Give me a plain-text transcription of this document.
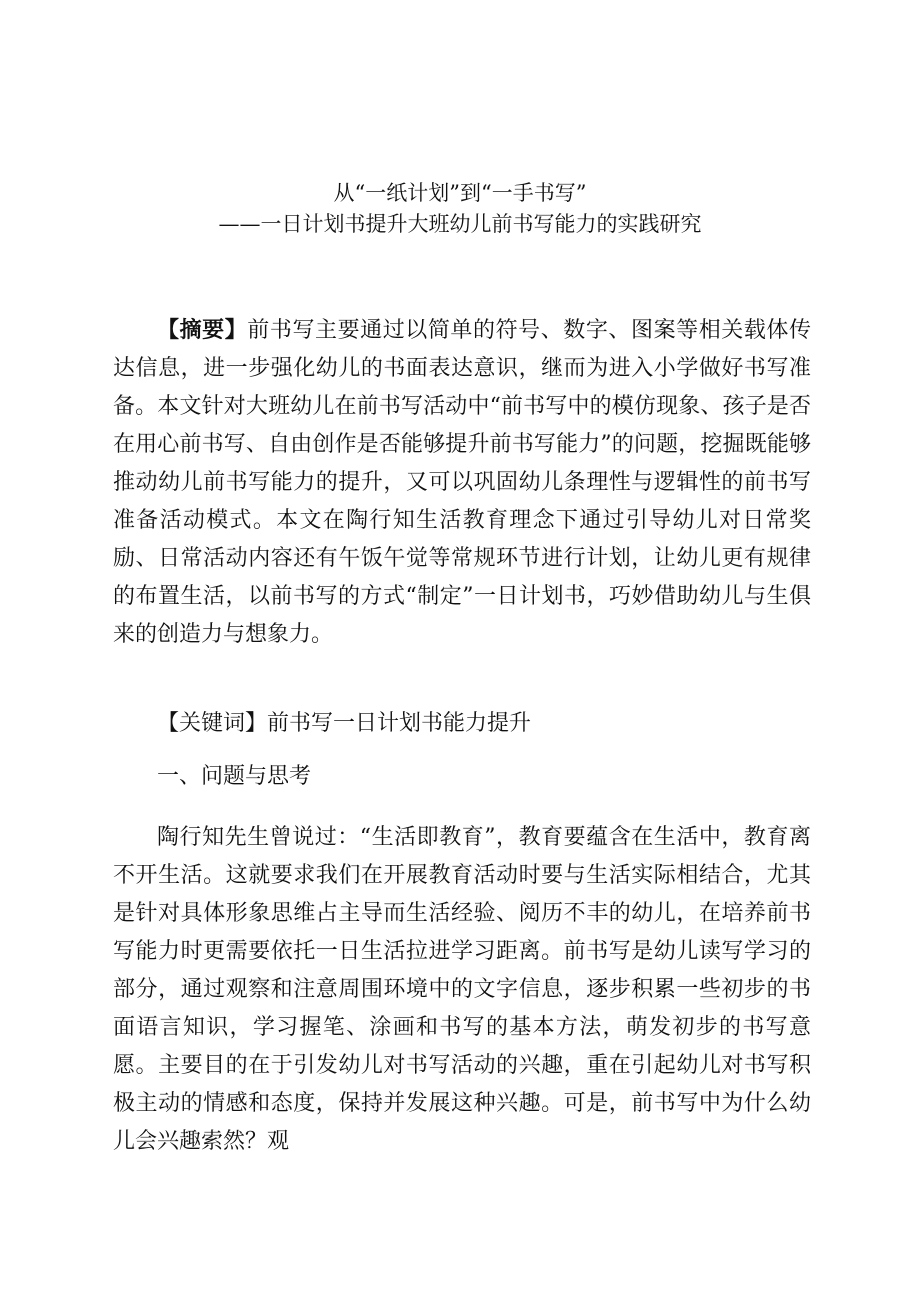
从“一纸计划”到“一手书写”
——一日计划书提升大班幼儿前书写能力的实践研究

【摘要】前书写主要通过以简单的符号、数字、图案等相关载体传达信息，进一步强化幼儿的书面表达意识，继而为进入小学做好书写准备。本文针对大班幼儿在前书写活动中“前书写中的模仿现象、孩子是否在用心前书写、自由创作是否能够提升前书写能力”的问题，挖掘既能够推动幼儿前书写能力的提升，又可以巩固幼儿条理性与逻辑性的前书写准备活动模式。本文在陶行知生活教育理念下通过引导幼儿对日常奖励、日常活动内容还有午饭午觉等常规环节进行计划，让幼儿更有规律的布置生活，以前书写的方式“制定”一日计划书，巧妙借助幼儿与生俱来的创造力与想象力。

【关键词】前书写一日计划书能力提升

一、问题与思考

陶行知先生曾说过：“生活即教育”，教育要蕴含在生活中，教育离不开生活。这就要求我们在开展教育活动时要与生活实际相结合，尤其是针对具体形象思维占主导而生活经验、阅历不丰的幼儿，在培养前书写能力时更需要依托一日生活拉进学习距离。前书写是幼儿读写学习的部分，通过观察和注意周围环境中的文字信息，逐步积累一些初步的书面语言知识，学习握笔、涂画和书写的基本方法，萌发初步的书写意愿。主要目的在于引发幼儿对书写活动的兴趣，重在引起幼儿对书写积极主动的情感和态度，保持并发展这种兴趣。可是，前书写中为什么幼儿会兴趣索然？观
